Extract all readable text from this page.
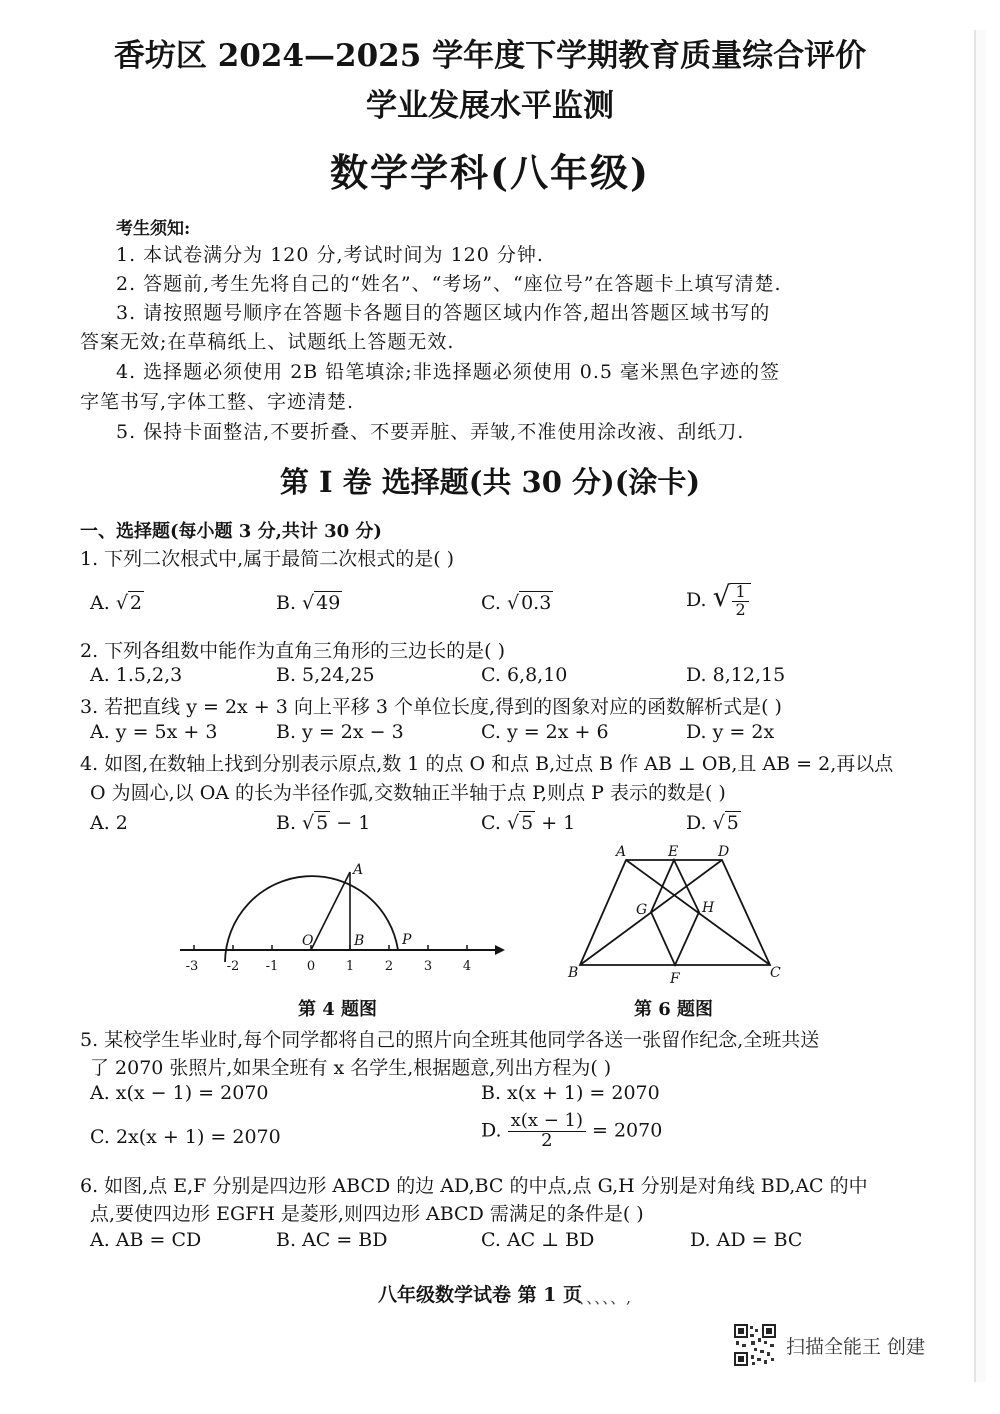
香坊区 2024—2025 学年度下学期教育质量综合评价
学业发展水平监测
数学学科(八年级)
考生须知:
1. 本试卷满分为 120 分,考试时间为 120 分钟.
2. 答题前,考生先将自己的“姓名”、“考场”、“座位号”在答题卡上填写清楚.
3. 请按照题号顺序在答题卡各题目的答题区域内作答,超出答题区域书写的
答案无效;在草稿纸上、试题纸上答题无效.
4. 选择题必须使用 2B 铅笔填涂;非选择题必须使用 0.5 毫米黑色字迹的签
字笔书写,字体工整、字迹清楚.
5. 保持卡面整洁,不要折叠、不要弄脏、弄皱,不准使用涂改液、刮纸刀.
第 I 卷 选择题(共 30 分)(涂卡)
一、选择题(每小题 3 分,共计 30 分)
1. 下列二次根式中,属于最简二次根式的是( )
A. √ 2	B. √ 49	C. √ 0.3	D. √ $\frac{1}{2}$
2. 下列各组数中能作为直角三角形的三边长的是( )
A. 1.5,2,3	B. 5,24,25	C. 6,8,10	D. 8,12,15
3. 若把直线 y = 2x + 3 向上平移 3 个单位长度,得到的图象对应的函数解析式是( )
A. y = 5x + 3	B. y = 2x − 3	C. y = 2x + 6	D. y = 2x
4. 如图,在数轴上找到分别表示原点,数 1 的点 O 和点 B,过点 B 作 AB ⊥ OB,且 AB = 2,再以点
O 为圆心,以 OA 的长为半径作弧,交数轴正半轴于点 P,则点 P 表示的数是( )
A. 2	B. √ 5 − 1	C. √ 5 + 1	D. √ 5
-3 -2 -1 0 1 2 3 4
A
O	B	P
第 4 题图
A	E	D
G	H
B	F	C
第 6 题图
5. 某校学生毕业时,每个同学都将自己的照片向全班其他同学各送一张留作纪念,全班共送
了 2070 张照片,如果全班有 x 名学生,根据题意,列出方程为( )
A. x(x − 1) = 2070	B. x(x + 1) = 2070
C. 2x(x + 1) = 2070	D. $\frac{x(x - 1)}{2} = 2070$
6. 如图,点 E,F 分别是四边形 ABCD 的边 AD,BC 的中点,点 G,H 分别是对角线 BD,AC 的中
点,要使四边形 EGFH 是菱形,则四边形 ABCD 需满足的条件是( )
A. AB = CD	B. AC = BD	C. AC ⊥ BD	D. AD = BC
八年级数学试卷 第 1 页
、、、、、,
扫描全能王 创建
